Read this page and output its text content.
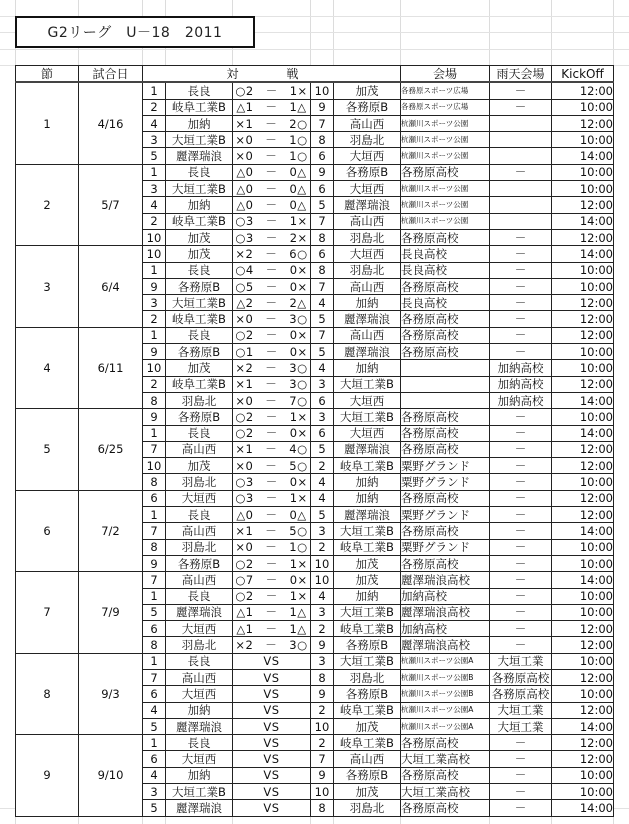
G2リーグ　U－18　2011
節	試合日	対　戦					会場	雨天会場	KickOff
1	4/16	1	長良	○2　－　1×	10	加茂	各務原スポーツ広場	－	12:00
		2	岐阜工業B	△1　－　1△	9	各務原B	各務原スポーツ広場	－	10:00
		4	加納	×1　－　2○	7	高山西	杭瀬川スポーツ公園		12:00
		3	大垣工業B	×0　－　1○	8	羽島北	杭瀬川スポーツ公園		10:00
		5	麗澤瑞浪	×0　－　1○	6	大垣西	杭瀬川スポーツ公園		14:00
2	5/7	1	長良	△0　－　0△	9	各務原B	各務原高校	－	10:00
		3	大垣工業B	△0　－　0△	6	大垣西	杭瀬川スポーツ公園		10:00
		4	加納	△0　－　0△	5	麗澤瑞浪	杭瀬川スポーツ公園		12:00
		2	岐阜工業B	○3　－　1×	7	高山西	杭瀬川スポーツ公園		14:00
		10	加茂	○3　－　2×	8	羽島北	各務原高校	－	12:00
3	6/4	10	加茂	×2　－　6○	6	大垣西	長良高校	－	14:00
		1	長良	○4　－　0×	8	羽島北	長良高校	－	10:00
		9	各務原B	○5　－　0×	7	高山西	各務原高校	－	10:00
		3	大垣工業B	△2　－　2△	4	加納	長良高校	－	12:00
		2	岐阜工業B	×0　－　3○	5	麗澤瑞浪	各務原高校	－	12:00
4	6/11	1	長良	○2　－　0×	7	高山西	各務原高校	－	12:00
		9	各務原B	○1　－　0×	5	麗澤瑞浪	各務原高校	－	10:00
		10	加茂	×2　－　3○	4	加納		加納高校	10:00
		2	岐阜工業B	×1　－　3○	3	大垣工業B		加納高校	12:00
		8	羽島北	×0　－　7○	6	大垣西		加納高校	14:00
5	6/25	9	各務原B	○2　－　1×	3	大垣工業B	各務原高校	－	10:00
		1	長良	○2　－　0×	6	大垣西	各務原高校	－	14:00
		7	高山西	×1　－　4○	5	麗澤瑞浪	各務原高校	－	12:00
		10	加茂	×0　－　5○	2	岐阜工業B	粟野グランド	－	12:00
		8	羽島北	○3　－　0×	4	加納	粟野グランド	－	10:00
6	7/2	6	大垣西	○3　－　1×	4	加納	各務原高校	－	12:00
		1	長良	△0　－　0△	5	麗澤瑞浪	粟野グランド	－	12:00
		7	高山西	×1　－　5○	3	大垣工業B	各務原高校	－	14:00
		8	羽島北	×0　－　1○	2	岐阜工業B	粟野グランド	－	10:00
		9	各務原B	○2　－　1×	10	加茂	各務原高校	－	10:00
7	7/9	7	高山西	○7　－　0×	10	加茂	麗澤瑞浪高校	－	14:00
		1	長良	○2　－　1×	4	加納	加納高校	－	10:00
		5	麗澤瑞浪	△1　－　1△	3	大垣工業B	麗澤瑞浪高校	－	10:00
		6	大垣西	△1　－　1△	2	岐阜工業B	加納高校	－	12:00
		8	羽島北	×2　－　3○	9	各務原B	麗澤瑞浪高校	－	12:00
8	9/3	1	長良	VS	3	大垣工業B	杭瀬川スポーツ公園A	大垣工業	10:00
		7	高山西	VS	8	羽島北	杭瀬川スポーツ公園B	各務原高校	12:00
		6	大垣西	VS	9	各務原B	杭瀬川スポーツ公園B	各務原高校	10:00
		4	加納	VS	2	岐阜工業B	杭瀬川スポーツ公園A	大垣工業	12:00
		5	麗澤瑞浪	VS	10	加茂	杭瀬川スポーツ公園A	大垣工業	14:00
9	9/10	1	長良	VS	2	岐阜工業B	各務原高校	－	12:00
		6	大垣西	VS	7	高山西	大垣工業高校	－	12:00
		4	加納	VS	9	各務原B	各務原高校	－	10:00
		3	大垣工業B	VS	10	加茂	大垣工業高校	－	10:00
		5	麗澤瑞浪	VS	8	羽島北	各務原高校	－	14:00
